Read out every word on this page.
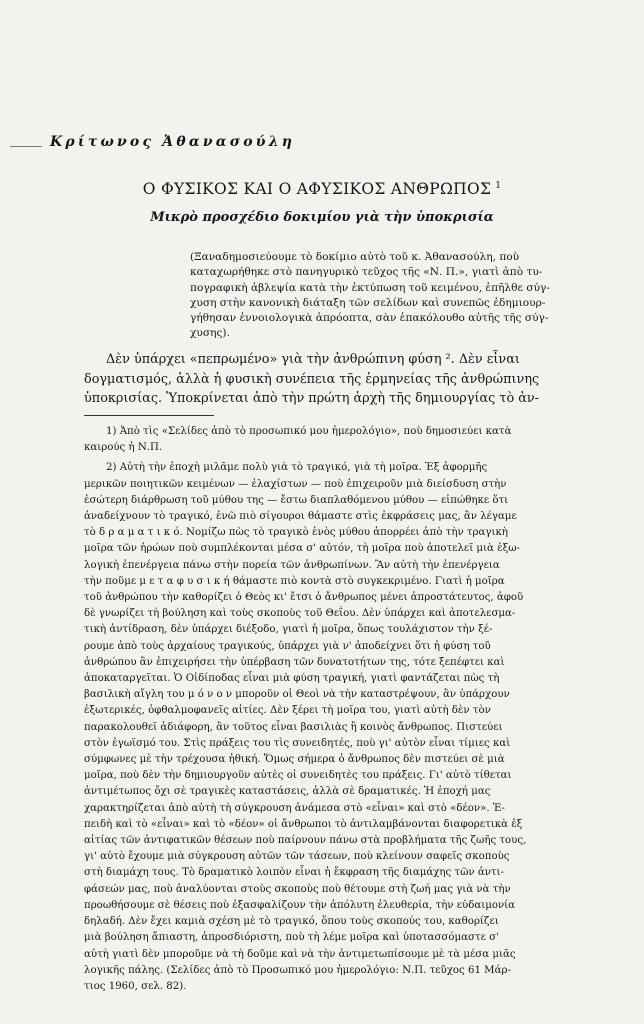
Κρίτωνος Ἀθανασούλη
Ο ΦΥΣΙΚΟΣ ΚΑΙ Ο ΑΦΥΣΙΚΟΣ ΑΝΘΡΩΠΟΣ $^1$
Μικρὸ προσχέδιο δοκιμίου γιὰ τὴν ὑποκρισία
(Ξαναδημοσιεύουμε τὸ δοκίμιο αὐτὸ τοῦ κ. Ἀθανασούλη, ποὺ
καταχωρήθηκε στὸ πανηγυρικὸ τεῦχος τῆς «Ν. Π.», γιατὶ ἀπὸ τυ-
πογραφικὴ ἀβλεψία κατὰ τὴν ἐκτύπωση τοῦ κειμένου, ἐπῆλθε σύγ-
χυση στὴν κανονικὴ διάταξη τῶν σελίδων καὶ συνεπῶς ἐδημιουρ-
γήθησαν ἐννοιολογικὰ ἀπρόοπτα, σὰν ἐπακόλουθο αὐτῆς τῆς σύγ-
χυσης).
Δὲν ὑπάρχει «πεπρωμένο» γιὰ τὴν ἀνθρώπινη φύση ². Δὲν εἶναι
δογματισμός, ἀλλὰ ἡ φυσικὴ συνέπεια τῆς ἑρμηνείας τῆς ἀνθρώπινης
ὑποκρισίας. Ὑποκρίνεται ἀπὸ τὴν πρώτη ἀρχὴ τῆς δημιουργίας τὸ ἀν-
1) Ἀπὸ τὶς «Σελίδες ἀπὸ τὸ προσωπικό μου ἡμερολόγιο», ποὺ δημοσιεύει κατὰ
καιρούς ἡ Ν.Π.
2) Αὐτὴ τὴν ἐποχὴ μιλᾶμε πολὺ γιὰ τὸ τραγικό, γιὰ τὴ μοῖρα. Ἐξ ἀφορμῆς
μερικῶν ποιητικῶν κειμένων — ἐλαχίστων — ποὺ ἐπιχειροῦν μιὰ διείσδυση στὴν
ἐσώτερη διάρθρωση τοῦ μύθου της — ἔστω διαπλαθόμενου μύθου — εἰπώθηκε ὅτι
ἀναδείχνουν τὸ τραγικό, ἐνῶ πιὸ σίγουροι θάμαστε στὶς ἐκφράσεις μας, ἂν λέγαμε
τὸ δ ρ α μ α τ ι κ ό. Νομίζω πὼς τὸ τραγικὸ ἑνὸς μύθου ἀπορρέει ἀπὸ τὴν τραγικὴ
μοῖρα τῶν ἡρώων ποὺ συμπλέκονται μέσα σ' αὐτόν, τὴ μοῖρα ποὺ ἀποτελεῖ μιὰ ἐξω-
λογικὴ ἐπενέργεια πάνω στὴν πορεία τῶν ἀνθρωπίνων. Ἂν αὐτὴ τὴν ἐπενέργεια
τὴν ποῦμε μ ε τ α φ υ σ ι κ ή θάμαστε πιὸ κοντὰ στὸ συγκεκριμένο. Γιατὶ ἡ μοῖρα
τοῦ ἀνθρώπου τὴν καθορίζει ὁ Θεὸς κι' ἔτσι ὁ ἄνθρωπος μένει ἀπροστάτευτος, ἀφοῦ
δὲ γνωρίζει τὴ βούληση καὶ τοὺς σκοποὺς τοῦ Θεΐου. Δὲν ὑπάρχει καὶ ἀποτελεσμα-
τικὴ ἀντίδραση, δὲν ὑπάρχει διέξοδο, γιατὶ ἡ μοῖρα, ὅπως τουλάχιστον τὴν ξέ-
ρουμε ἀπὸ τοὺς ἀρχαίους τραγικούς, ὑπάρχει γιὰ ν' ἀποδείχνει ὅτι ἡ φύση τοῦ
ἀνθρώπου ἂν ἐπιχειρήσει τὴν ὑπέρβαση τῶν δυνατοτήτων της, τότε ξεπέφτει καὶ
ἀποκαταργεῖται. Ὁ Οἰδίποδας εἶναι μιὰ φύση τραγική, γιατὶ φαντάζεται πὼς τὴ
βασιλικὴ αἴγλη του μ ό ν ο ν μποροῦν οἱ Θεοὶ νὰ τὴν καταστρέψουν, ἂν ὑπάρχουν
ἐξωτερικές, ὀφθαλμοφανεῖς αἰτίες. Δὲν ξέρει τὴ μοῖρα του, γιατὶ αὐτὴ δὲν τὸν
παρακολουθεῖ ἀδιάφορη, ἂν τοῦτος εἶναι βασιλιὰς ἢ κοινὸς ἄνθρωπος. Πιστεύει
στὸν ἐγωϊσμό του. Στὶς πράξεις του τὶς συνειδητές, ποὺ γι' αὐτὸν εἶναι τίμιες καὶ
σύμφωνες μὲ τὴν τρέχουσα ἠθική. Ὅμως σήμερα ὁ ἄνθρωπος δὲν πιστεύει σὲ μιὰ
μοῖρα, ποὺ δὲν τὴν δημιουργοῦν αὐτὲς οἱ συνειδητὲς του πράξεις. Γι' αὐτὸ τίθεται
ἀντιμέτωπος ὄχι σὲ τραγικὲς καταστάσεις, ἀλλὰ σὲ δραματικές. Ἡ ἐποχή μας
χαρακτηρίζεται ἀπὸ αὐτὴ τὴ σύγκρουση ἀνάμεσα στὸ «εἶναι» καὶ στὸ «δέον». Ἐ-
πειδὴ καὶ τὸ «εἶναι» καὶ τὸ «δέον» οἱ ἄνθρωποι τὸ ἀντιλαμβάνονται διαφορετικὰ ἐξ
αἰτίας τῶν ἀντιφατικῶν θέσεων ποὺ παίρνουν πάνω στὰ προβλήματα τῆς ζωῆς τους,
γι' αὐτὸ ἔχουμε μιὰ σύγκρουση αὐτῶν τῶν τάσεων, ποὺ κλείνουν σαφεῖς σκοποὺς
στὴ διαμάχη τους. Τὸ δραματικὸ λοιπὸν εἶναι ἡ ἔκφραση τῆς διαμάχης τῶν ἀντι-
φάσεών μας, ποὺ ἀναλύονται στοὺς σκοποὺς ποὺ θέτουμε στὴ ζωή μας γιὰ νὰ τὴν
προωθήσουμε σὲ θέσεις ποὺ ἐξασφαλίζουν τὴν ἀπόλυτη ἐλευθερία, τὴν εὐδαιμονία
δηλαδή. Δὲν ἔχει καμιὰ σχέση μὲ τὸ τραγικό, ὅπου τοὺς σκοπούς του, καθορίζει
μιὰ βούληση ἄπιαστη, ἀπροσδιόριστη, ποὺ τὴ λέμε μοῖρα καὶ ὑποτασσόμαστε σ'
αὐτὴ γιατὶ δὲν μποροῦμε νὰ τὴ δοῦμε καὶ νὰ τὴν ἀντιμετωπίσουμε μὲ τὰ μέσα μιᾶς
λογικῆς πάλης. (Σελίδες ἀπὸ τὸ Προσωπικό μου ἡμερολόγιο: Ν.Π. τεῦχος 61 Μάρ-
τιος 1960, σελ. 82).
